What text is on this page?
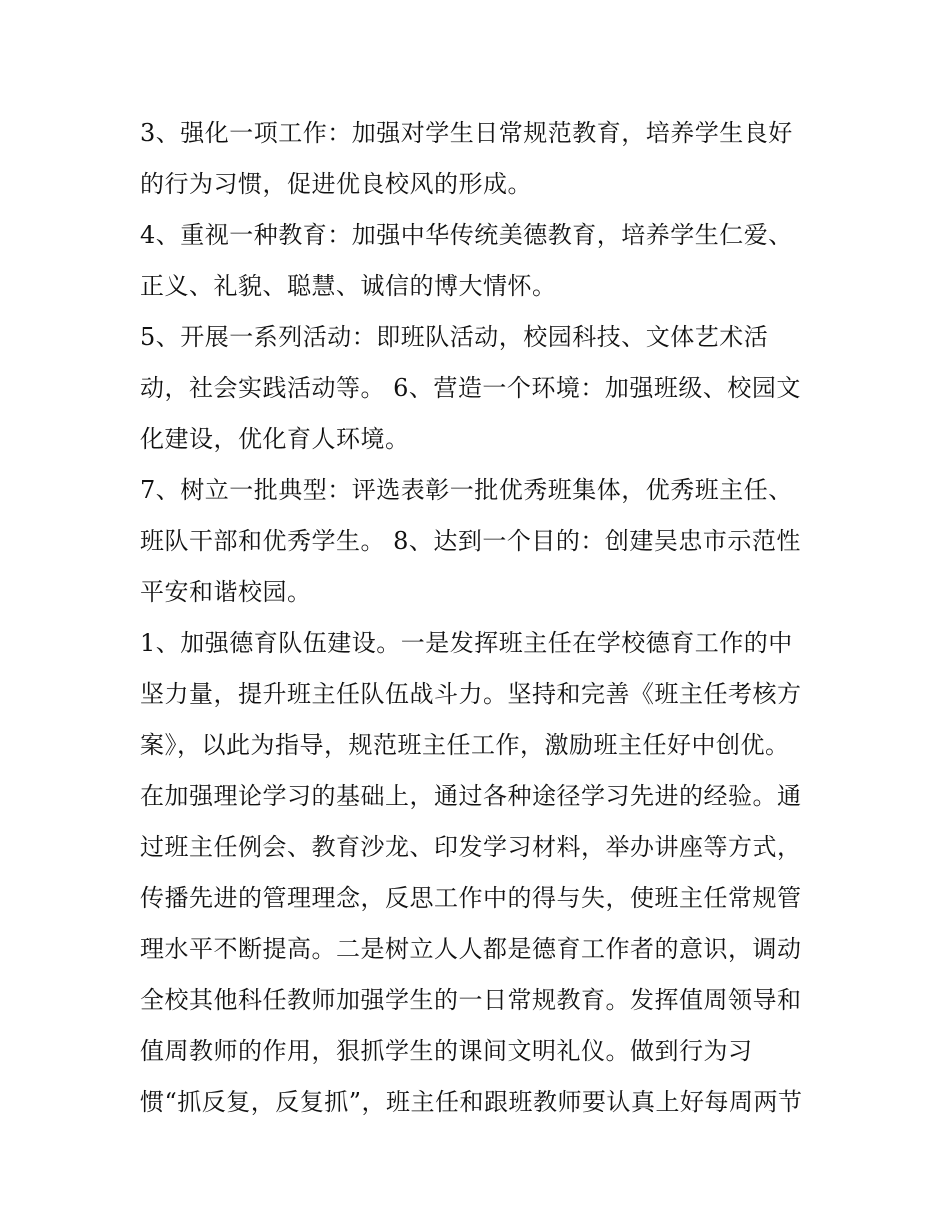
3、强化一项工作：加强对学生日常规范教育，培养学生良好
的行为习惯，促进优良校风的形成。
4、重视一种教育：加强中华传统美德教育，培养学生仁爱、
正义、礼貌、聪慧、诚信的博大情怀。
5、开展一系列活动：即班队活动，校园科技、文体艺术活
动，社会实践活动等。 6、营造一个环境：加强班级、校园文
化建设，优化育人环境。
7、树立一批典型：评选表彰一批优秀班集体，优秀班主任、
班队干部和优秀学生。 8、达到一个目的：创建吴忠市示范性
平安和谐校园。
1、加强德育队伍建设。一是发挥班主任在学校德育工作的中
坚力量，提升班主任队伍战斗力。坚持和完善《班主任考核方
案》，以此为指导，规范班主任工作，激励班主任好中创优。
在加强理论学习的基础上，通过各种途径学习先进的经验。通
过班主任例会、教育沙龙、印发学习材料，举办讲座等方式，
传播先进的管理理念，反思工作中的得与失，使班主任常规管
理水平不断提高。二是树立人人都是德育工作者的意识，调动
全校其他科任教师加强学生的一日常规教育。发挥值周领导和
值周教师的作用，狠抓学生的课间文明礼仪。做到行为习
惯“抓反复，反复抓”，班主任和跟班教师要认真上好每周两节
